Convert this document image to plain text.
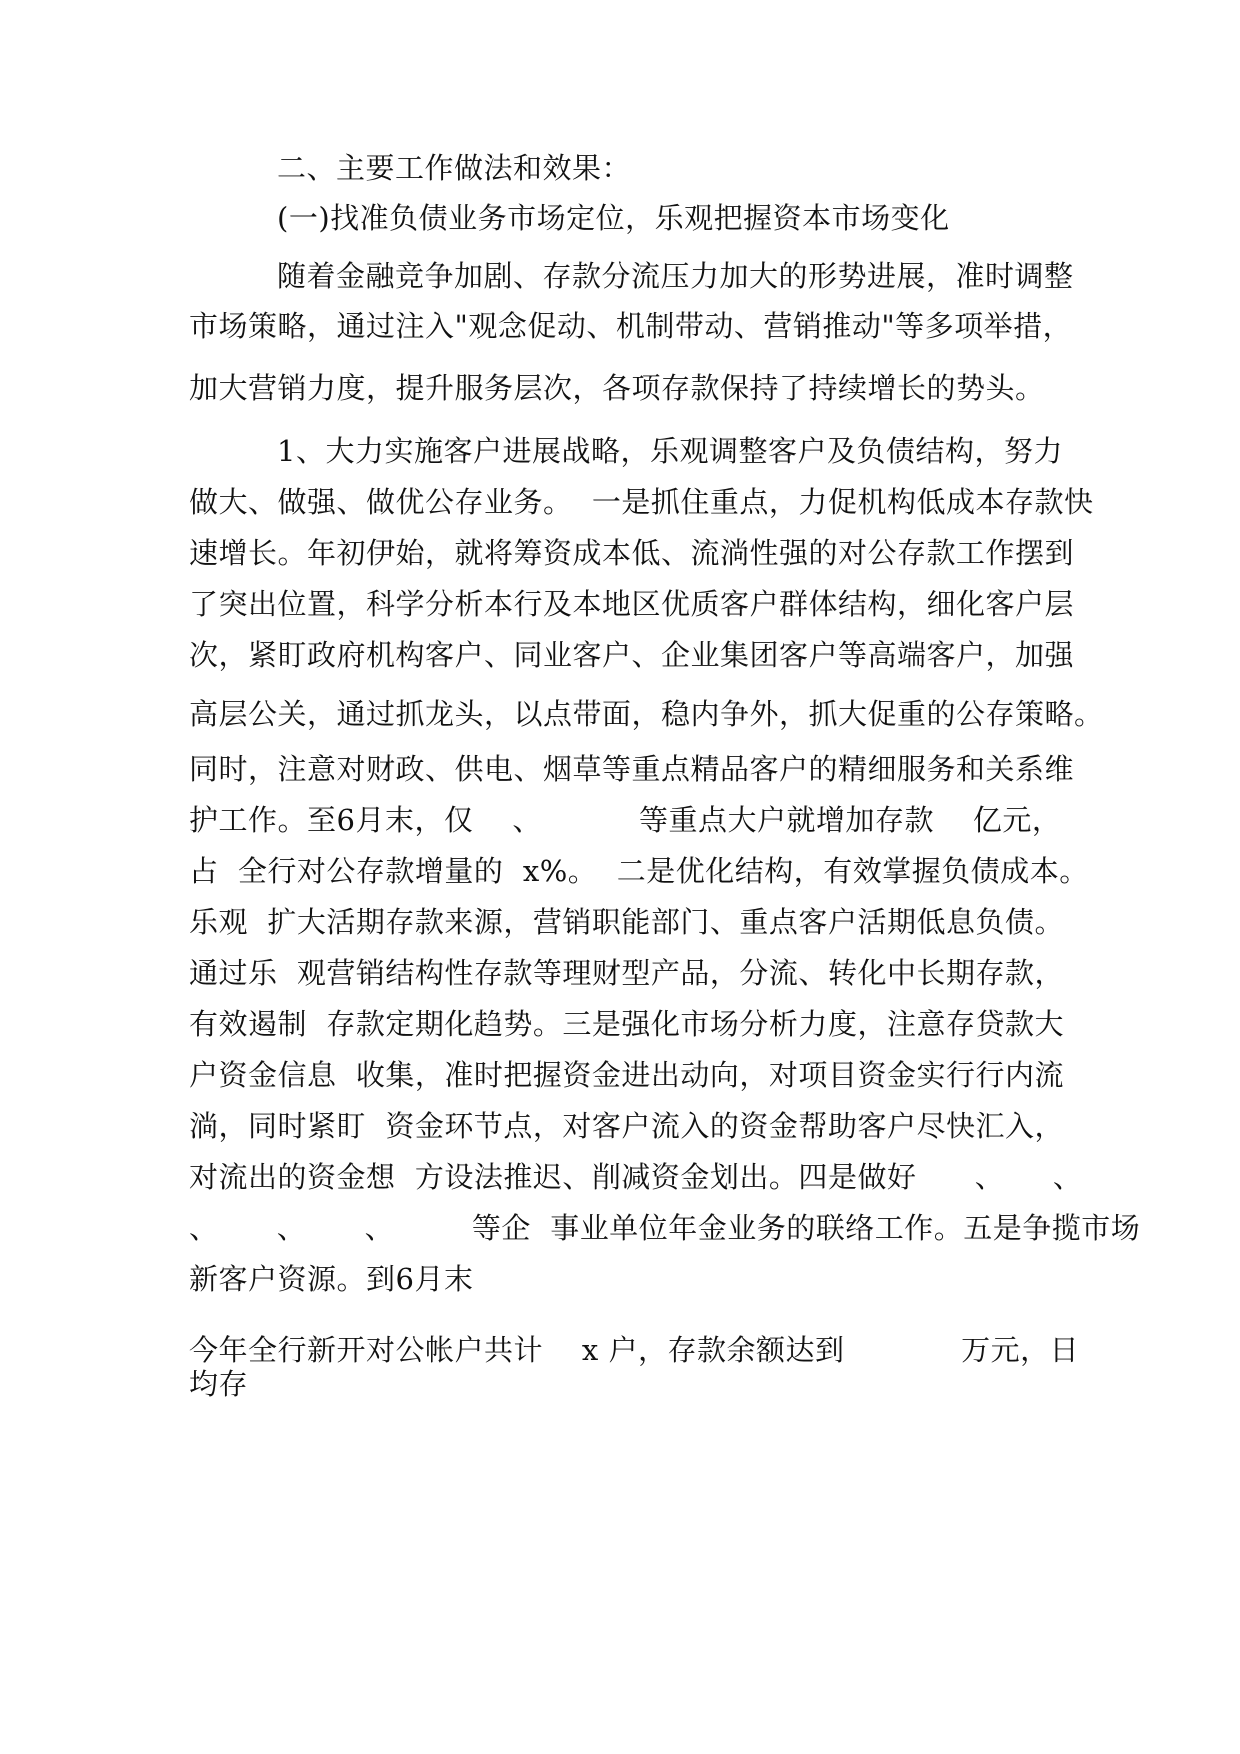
二、主要工作做法和效果：

(一)找准负债业务市场定位，乐观把握资本市场变化

随着金融竞争加剧、存款分流压力加大的形势进展，准时调整

市场策略，通过注入"观念促动、机制带动、营销推动"等多项举措，

加大营销力度，提升服务层次，各项存款保持了持续增长的势头。

1、大力实施客户进展战略，乐观调整客户及负债结构，努力

做大、做强、做优公存业务。  一是抓住重点，力促机构低成本存款快

速增长。年初伊始，就将筹资成本低、流淌性强的对公存款工作摆到

了突出位置，科学分析本行及本地区优质客户群体结构，细化客户层

次，紧盯政府机构客户、同业客户、企业集团客户等高端客户，加强

高层公关，通过抓龙头，以点带面，稳内争外，抓大促重的公存策略。

同时，注意对财政、供电、烟草等重点精品客户的精细服务和关系维

护工作。至6月末，仅    、          等重点大户就增加存款    亿元，

占  全行对公存款增量的  x%。  二是优化结构，有效掌握负债成本。

乐观  扩大活期存款来源，营销职能部门、重点客户活期低息负债。

通过乐  观营销结构性存款等理财型产品，分流、转化中长期存款，

有效遏制  存款定期化趋势。三是强化市场分析力度，注意存贷款大

户资金信息  收集，准时把握资金进出动向，对项目资金实行行内流

淌，同时紧盯  资金环节点，对客户流入的资金帮助客户尽快汇入，

对流出的资金想  方设法推迟、削减资金划出。四是做好      、     、

、      、      、        等企  事业单位年金业务的联络工作。五是争揽市场

新客户资源。到6月末

今年全行新开对公帐户共计    x 户，存款余额达到            万元，日

均存
